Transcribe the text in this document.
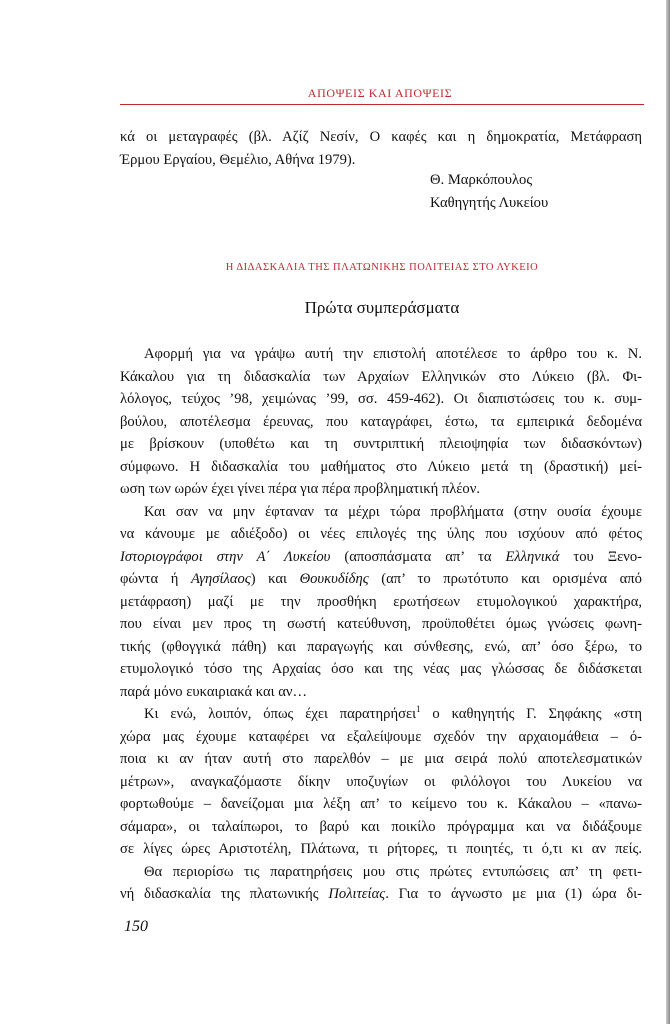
ΑΠΟΨΕΙΣ ΚΑΙ ΑΠΟΨΕΙΣ
κά οι μεταγραφές (βλ. Αζίζ Νεσίν, Ο καφές και η δημοκρατία, Μετάφραση
Έρμου Εργαίου, Θεμέλιο, Αθήνα 1979).
Θ. Μαρκόπουλος
Καθηγητής Λυκείου
Η ΔΙΔΑΣΚΑΛΙΑ ΤΗΣ ΠΛΑΤΩΝΙΚΗΣ ΠΟΛΙΤΕΙΑΣ ΣΤΟ ΛΥΚΕΙΟ
Πρώτα συμπεράσματα
Αφορμή για να γράψω αυτή την επιστολή αποτέλεσε το άρθρο του κ. Ν.
Κάκαλου για τη διδασκαλία των Αρχαίων Ελληνικών στο Λύκειο (βλ. Φι-
λόλογος, τεύχος ’98, χειμώνας ’99, σσ. 459-462). Οι διαπιστώσεις του κ. συμ-
βούλου, αποτέλεσμα έρευνας, που καταγράφει, έστω, τα εμπειρικά δεδομένα
με βρίσκουν (υποθέτω και τη συντριπτική πλειοψηφία των διδασκόντων)
σύμφωνο. Η διδασκαλία του μαθήματος στο Λύκειο μετά τη (δραστική) μεί-
ωση των ωρών έχει γίνει πέρα για πέρα προβληματική πλέον.
Και σαν να μην έφταναν τα μέχρι τώρα προβλήματα (στην ουσία έχουμε
να κάνουμε με αδιέξοδο) οι νέες επιλογές της ύλης που ισχύουν από φέτος
Ιστοριογράφοι στην Α΄ Λυκείου (αποσπάσματα απ’ τα Ελληνικά του Ξενο-
φώντα ή Αγησίλαος) και Θουκυδίδης (απ’ το πρωτότυπο και ορισμένα από
μετάφραση) μαζί με την προσθήκη ερωτήσεων ετυμολογικού χαρακτήρα,
που είναι μεν προς τη σωστή κατεύθυνση, προϋποθέτει όμως γνώσεις φωνη-
τικής (φθογγικά πάθη) και παραγωγής και σύνθεσης, ενώ, απ’ όσο ξέρω, το
ετυμολογικό τόσο της Αρχαίας όσο και της νέας μας γλώσσας δε διδάσκεται
παρά μόνο ευκαιριακά και αν…
Κι ενώ, λοιπόν, όπως έχει παρατηρήσει$^1$ ο καθηγητής Γ. Σηφάκης «στη
χώρα μας έχουμε καταφέρει να εξαλείψουμε σχεδόν την αρχαιομάθεια – ό-
ποια κι αν ήταν αυτή στο παρελθόν – με μια σειρά πολύ αποτελεσματικών
μέτρων», αναγκαζόμαστε δίκην υποζυγίων οι φιλόλογοι του Λυκείου να
φορτωθούμε – δανείζομαι μια λέξη απ’ το κείμενο του κ. Κάκαλου – «πανω-
σάμαρα», οι ταλαίπωροι, το βαρύ και ποικίλο πρόγραμμα και να διδάξουμε
σε λίγες ώρες Αριστοτέλη, Πλάτωνα, τι ρήτορες, τι ποιητές, τι ό,τι κι αν πείς.
Θα περιορίσω τις παρατηρήσεις μου στις πρώτες εντυπώσεις απ’ τη φετι-
νή διδασκαλία της πλατωνικής Πολιτείας. Για το άγνωστο με μια (1) ώρα δι-
150
